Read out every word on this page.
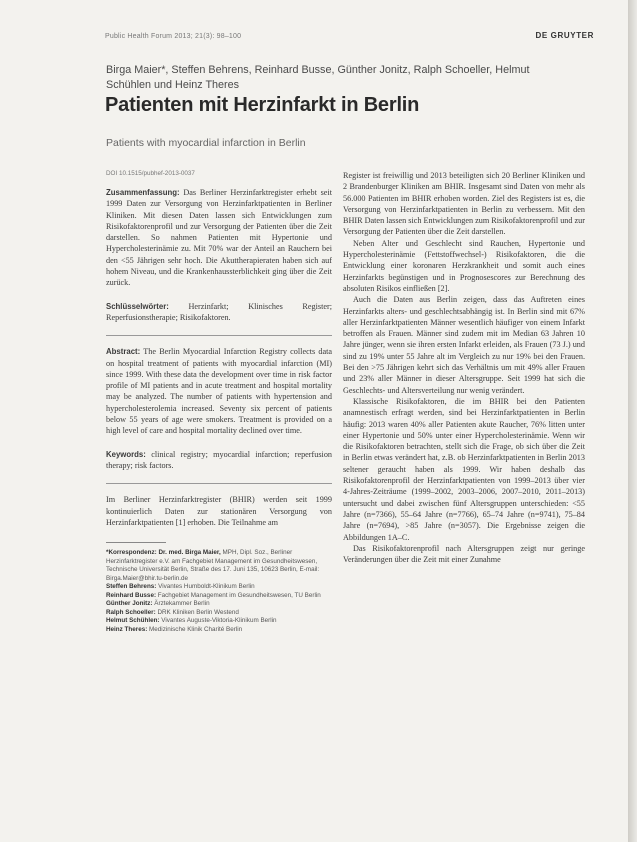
Public Health Forum 2013; 21(3): 98–100	DE GRUYTER
Birga Maier*, Steffen Behrens, Reinhard Busse, Günther Jonitz, Ralph Schoeller, Helmut Schühlen und Heinz Theres
Patienten mit Herzinfarkt in Berlin
Patients with myocardial infarction in Berlin
DOI 10.1515/pubhef-2013-0037

Zusammenfassung: Das Berliner Herzinfarktregister erhebt seit 1999 Daten zur Versorgung von Herzinfarktpatienten in Berliner Kliniken. Mit diesen Daten lassen sich Entwicklungen zum Risikofaktorenprofil und zur Versorgung der Patienten über die Zeit darstellen. So nahmen Patienten mit Hypertonie und Hypercholesterinämie zu. Mit 70% war der Anteil an Rauchern bei den <55 Jährigen sehr hoch. Die Akuttherapieraten haben sich auf hohem Niveau, und die Krankenhaussterblichkeit ging über die Zeit zurück.

Schlüsselwörter: Herzinfarkt; Klinisches Register; Reperfusionstherapie; Risikofaktoren.

Abstract: The Berlin Myocardial Infarction Registry collects data on hospital treatment of patients with myocardial infarction (MI) since 1999. With these data the development over time in risk factor profile of MI patients and in acute treatment and hospital mortality may be analyzed. The number of patients with hypertension and hypercholesterolemia increased. Seventy six percent of patients below 55 years of age were smokers. Treatment is provided on a high level of care and hospital mortality declined over time.

Keywords: clinical registry; myocardial infarction; reperfusion therapy; risk factors.

Im Berliner Herzinfarktregister (BHIR) werden seit 1999 kontinuierlich Daten zur stationären Versorgung von Herzinfarktpatienten [1] erhoben. Die Teilnahme am

*Korrespondenz: Dr. med. Birga Maier, MPH, Dipl. Soz., Berliner Herzinfarktregister e.V. am Fachgebiet Management im Gesundheitswesen, Technische Universität Berlin, Straße des 17. Juni 135, 10623 Berlin, E-mail: Birga.Maier@bhir.tu-berlin.de
Steffen Behrens: Vivantes Humboldt-Klinikum Berlin
Reinhard Busse: Fachgebiet Management im Gesundheitswesen, TU Berlin
Günther Jonitz: Ärztekammer Berlin
Ralph Schoeller: DRK Kliniken Berlin Westend
Helmut Schühlen: Vivantes Auguste-Viktoria-Klinikum Berlin
Heinz Theres: Medizinische Klinik Charité Berlin

Register ist freiwillig und 2013 beteiligten sich 20 Berliner Kliniken und 2 Brandenburger Kliniken am BHIR. Insgesamt sind Daten von mehr als 56.000 Patienten im BHIR erhoben worden. Ziel des Registers ist es, die Versorgung von Herzinfarktpatienten in Berlin zu verbessern. Mit den BHIR Daten lassen sich Entwicklungen zum Risikofaktorenprofil und zur Versorgung der Patienten über die Zeit darstellen.

Neben Alter und Geschlecht sind Rauchen, Hypertonie und Hypercholesterinämie (Fettstoffwechsel-) Risikofaktoren, die die Entwicklung einer koronaren Herzkrankheit und somit auch eines Herzinfarkts begünstigen und in Prognosescores zur Berechnung des absoluten Risikos einfließen [2].

Auch die Daten aus Berlin zeigen, dass das Auftreten eines Herzinfarkts alters- und geschlechtsabhängig ist. In Berlin sind mit 67% aller Herzinfarktpatienten Männer wesentlich häufiger von einem Infarkt betroffen als Frauen. Männer sind zudem mit im Median 63 Jahren 10 Jahre jünger, wenn sie ihren ersten Infarkt erleiden, als Frauen (73 J.) und sind zu 19% unter 55 Jahre alt im Vergleich zu nur 19% bei den Frauen. Bei den >75 Jährigen kehrt sich das Verhältnis um mit 49% aller Frauen und 23% aller Männer in dieser Altersgruppe. Seit 1999 hat sich die Geschlechts- und Altersverteilung nur wenig verändert.

Klassische Risikofaktoren, die im BHIR bei den Patienten anamnestisch erfragt werden, sind bei Herzinfarktpatienten in Berlin häufig: 2013 waren 40% aller Patienten akute Raucher, 76% litten unter einer Hypertonie und 50% unter einer Hypercholesterinämie. Wenn wir die Risikofaktoren betrachten, stellt sich die Frage, ob sich über die Zeit in Berlin etwas verändert hat, z.B. ob Herzinfarktpatienten in Berlin 2013 seltener geraucht haben als 1999. Wir haben deshalb das Risikofaktorenprofil der Herzinfarktpatienten von 1999–2013 über vier 4-Jahres-Zeiträume (1999–2002, 2003–2006, 2007–2010, 2011–2013) untersucht und dabei zwischen fünf Altersgruppen unterschieden: <55 Jahre (n=7366), 55–64 Jahre (n=7766), 65–74 Jahre (n=9741), 75–84 Jahre (n=7694), >85 Jahre (n=3057). Die Ergebnisse zeigen die Abbildungen 1A–C.

Das Risikofaktorenprofil nach Altersgruppen zeigt nur geringe Veränderungen über die Zeit mit einer Zunahme
